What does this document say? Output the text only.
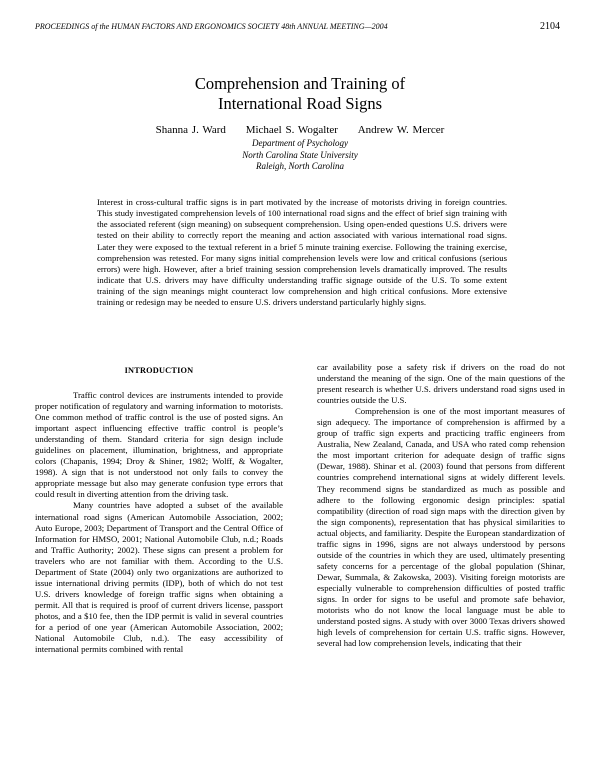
PROCEEDINGS of the HUMAN FACTORS AND ERGONOMICS SOCIETY 48th ANNUAL MEETING—2004	2104
Comprehension and Training of
International Road Signs
Shanna J. Ward Michael S. Wogalter Andrew W. Mercer
Department of Psychology
North Carolina State University
Raleigh, North Carolina
Interest in cross-cultural traffic signs is in part motivated by the increase of motorists driving in foreign countries. This study investigated comprehension levels of 100 international road signs and the effect of brief sign training with the associated referent (sign meaning) on subsequent comprehension. Using open-ended questions U.S. drivers were tested on their ability to correctly report the meaning and action associated with various international road signs. Later they were exposed to the textual referent in a brief 5 minute training exercise. Following the training exercise, comprehension was retested. For many signs initial comprehension levels were low and critical confusions (serious errors) were high. However, after a brief training session comprehension levels dramatically improved. The results indicate that U.S. drivers may have difficulty understanding traffic signage outside of the U.S. To some extent training of the sign meanings might counteract low comprehension and high critical confusions. More extensive training or redesign may be needed to ensure U.S. drivers understand particularly highly signs.
INTRODUCTION

Traffic control devices are instruments intended to provide proper notification of regulatory and warning information to motorists. One common method of traffic control is the use of posted signs. An important aspect influencing effective traffic control is people’s understanding of them. Standard criteria for sign design include guidelines on placement, illumination, brightness, and appropriate colors (Chapanis, 1994; Droy & Shiner, 1982; Wolff, & Wogalter, 1998). A sign that is not understood not only fails to convey the appropriate message but also may generate confusion type errors that could result in diverting attention from the driving task.

Many countries have adopted a subset of the available international road signs (American Automobile Association, 2002; Auto Europe, 2003; Department of Transport and the Central Office of Information for HMSO, 2001; National Automobile Club, n.d.; Roads and Traffic Authority; 2002). These signs can present a problem for travelers who are not familiar with them. According to the U.S. Department of State (2004) only two organizations are authorized to issue international driving permits (IDP), both of which do not test U.S. drivers knowledge of foreign traffic signs when obtaining a permit. All that is required is proof of current drivers license, passport photos, and a $10 fee, then the IDP permit is valid in several countries for a period of one year (American Automobile Association, 2002; National Automobile Club, n.d.). The easy accessibility of international permits combined with rental

car availability pose a safety risk if drivers on the road do not understand the meaning of the sign. One of the main questions of the present research is whether U.S. drivers understand road signs used in countries outside the U.S.

Comprehension is one of the most important measures of sign adequecy. The importance of comprehension is affirmed by a group of traffic sign experts and practicing traffic engineers from Australia, New Zealand, Canada, and USA who rated comp rehension the most important criterion for adequate design of traffic signs (Dewar, 1988). Shinar et al. (2003) found that persons from different countries comprehend international signs at widely different levels. They recommend signs be standardized as much as possible and adhere to the following ergonomic design principles: spatial compatibility (direction of road sign maps with the direction given by the sign components), representation that has physical similarities to actual objects, and familiarity. Despite the European standardization of traffic signs in 1996, signs are not always understood by persons outside of the countries in which they are used, ultimately presenting safety concerns for a percentage of the global population (Shinar, Dewar, Summala, & Zakowska, 2003). Visiting foreign motorists are especially vulnerable to comprehension difficulties of posted traffic signs. In order for signs to be useful and promote safe behavior, motorists who do not know the local language must be able to understand posted signs. A study with over 3000 Texas drivers showed high levels of comprehension for certain U.S. traffic signs. However, several had low comprehension levels, indicating that their
